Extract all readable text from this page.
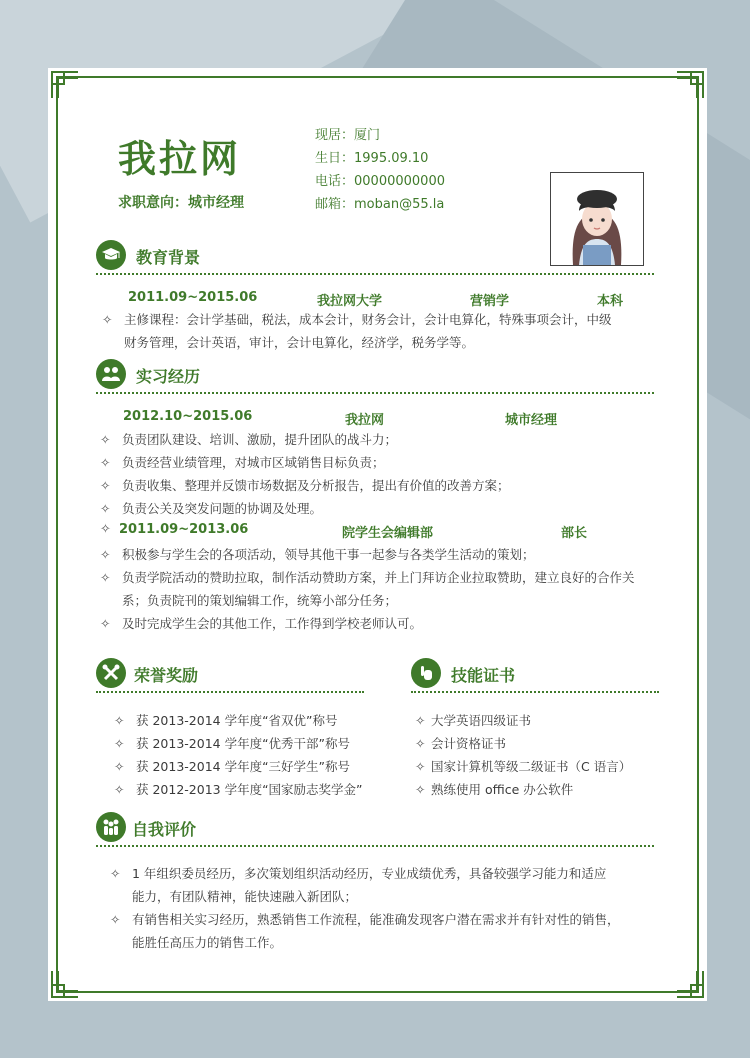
我拉网
求职意向：城市经理
现居：厦门
生日：1995.09.10
电话：00000000000
邮箱：moban@55.la
教育背景
2011.09~2015.06	我拉网大学	营销学	本科
✧ 主修课程：会计学基础，税法，成本会计，财务会计，会计电算化，特殊事项会计，中级
财务管理，会计英语，审计，会计电算化，经济学，税务学等。
实习经历
2012.10~2015.06	我拉网	城市经理
✧ 负责团队建设、培训、激励，提升团队的战斗力；
✧ 负责经营业绩管理，对城市区域销售目标负责；
✧ 负责收集、整理并反馈市场数据及分析报告，提出有价值的改善方案；
✧ 负责公关及突发问题的协调及处理。
✧ 2011.09~2013.06	院学生会编辑部	部长
✧ 积极参与学生会的各项活动，领导其他干事一起参与各类学生活动的策划；
✧ 负责学院活动的赞助拉取，制作活动赞助方案，并上门拜访企业拉取赞助，建立良好的合作关
系；负责院刊的策划编辑工作，统筹小部分任务；
✧ 及时完成学生会的其他工作，工作得到学校老师认可。
荣誉奖励
✧ 获 2013-2014 学年度“省双优”称号
✧ 获 2013-2014 学年度“优秀干部”称号
✧ 获 2013-2014 学年度“三好学生”称号
✧ 获 2012-2013 学年度“国家励志奖学金”
技能证书
✧ 大学英语四级证书
✧ 会计资格证书
✧ 国家计算机等级二级证书（C 语言）
✧ 熟练使用 office 办公软件
自我评价
✧ 1 年组织委员经历，多次策划组织活动经历，专业成绩优秀，具备较强学习能力和适应
能力，有团队精神，能快速融入新团队；
✧ 有销售相关实习经历，熟悉销售工作流程，能准确发现客户潜在需求并有针对性的销售，
能胜任高压力的销售工作。
